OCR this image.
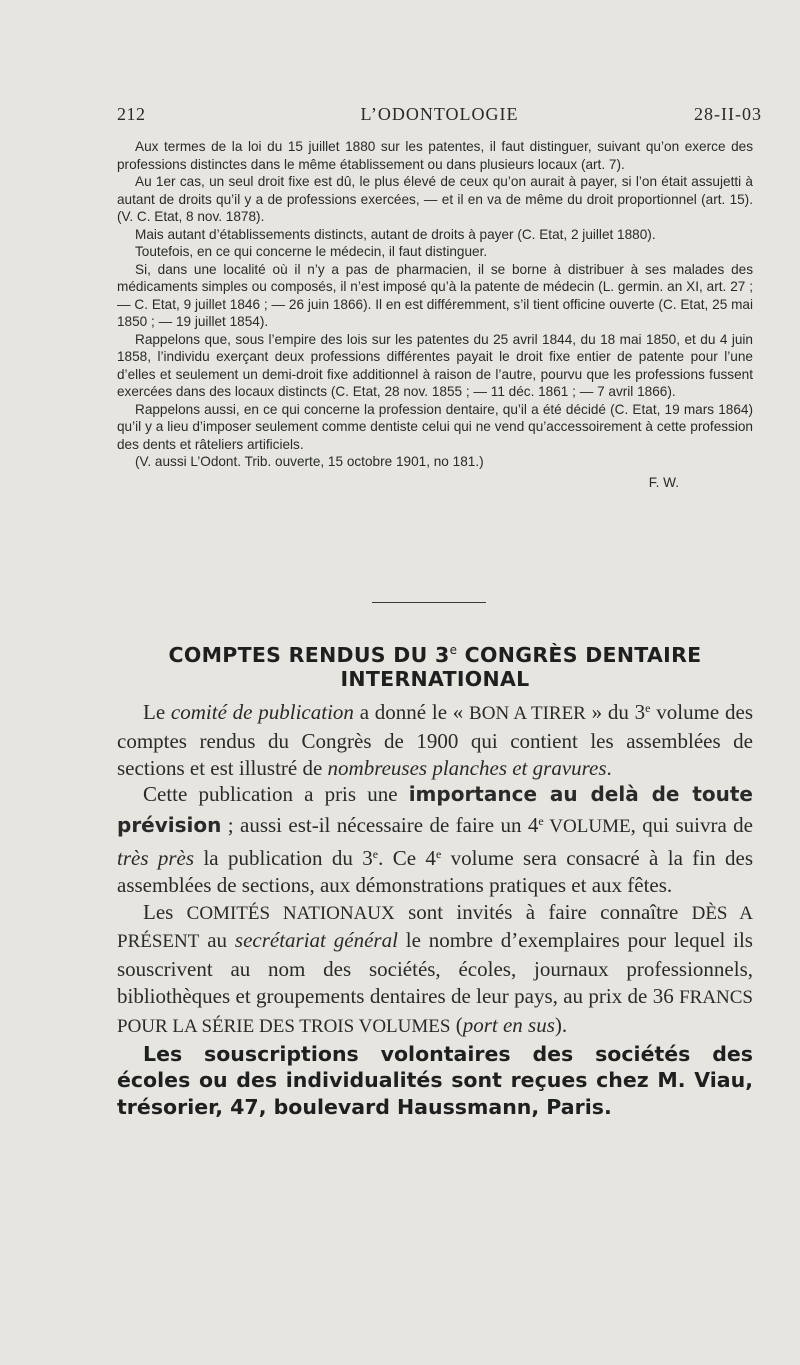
212	L’ODONTOLOGIE	28-II-03

Aux termes de la loi du 15 juillet 1880 sur les patentes, il faut distinguer, suivant qu’on exerce des professions distinctes dans le même établissement ou dans plusieurs locaux (art. 7).

Au 1er cas, un seul droit fixe est dû, le plus élevé de ceux qu’on aurait à payer, si l’on était assujetti à autant de droits qu’il y a de professions exercées, — et il en va de même du droit proportionnel (art. 15). (V. C. Etat, 8 nov. 1878).

Mais autant d’établissements distincts, autant de droits à payer (C. Etat, 2 juillet 1880).

Toutefois, en ce qui concerne le médecin, il faut distinguer.

Si, dans une localité où il n’y a pas de pharmacien, il se borne à distribuer à ses malades des médicaments simples ou composés, il n’est imposé qu’à la patente de médecin (L. germin. an XI, art. 27 ; — C. Etat, 9 juillet 1846 ; — 26 juin 1866). Il en est différemment, s’il tient officine ouverte (C. Etat, 25 mai 1850 ; — 19 juillet 1854).

Rappelons que, sous l’empire des lois sur les patentes du 25 avril 1844, du 18 mai 1850, et du 4 juin 1858, l’individu exerçant deux professions différentes payait le droit fixe entier de patente pour l’une d’elles et seulement un demi-droit fixe additionnel à raison de l’autre, pourvu que les professions fussent exercées dans des locaux distincts (C. Etat, 28 nov. 1855 ; — 11 déc. 1861 ; — 7 avril 1866).

Rappelons aussi, en ce qui concerne la profession dentaire, qu’il a été décidé (C. Etat, 19 mars 1864) qu’il y a lieu d’imposer seulement comme dentiste celui qui ne vend qu’accessoirement à cette profession des dents et râteliers artificiels.

(V. aussi L’Odont. Trib. ouverte, 15 octobre 1901, no 181.)

F. W.

COMPTES RENDUS DU 3e CONGRÈS DENTAIRE
INTERNATIONAL

Le comité de publication a donné le « BON A TIRER » du 3e volume des comptes rendus du Congrès de 1900 qui contient les assemblées de sections et est illustré de nombreuses planches et gravures.

Cette publication a pris une importance au delà de toute prévision ; aussi est-il nécessaire de faire un 4e VOLUME, qui suivra de très près la publication du 3e. Ce 4e volume sera consacré à la fin des assemblées de sections, aux démonstrations pratiques et aux fêtes.

Les COMITÉS NATIONAUX sont invités à faire connaître DÈS A PRÉSENT au secrétariat général le nombre d’exemplaires pour lequel ils souscrivent au nom des sociétés, écoles, journaux professionnels, bibliothèques et groupements dentaires de leur pays, au prix de 36 FRANCS POUR LA SÉRIE DES TROIS VOLUMES (port en sus).

Les souscriptions volontaires des sociétés des écoles ou des individualités sont reçues chez M. Viau, trésorier, 47, boulevard Haussmann, Paris.
